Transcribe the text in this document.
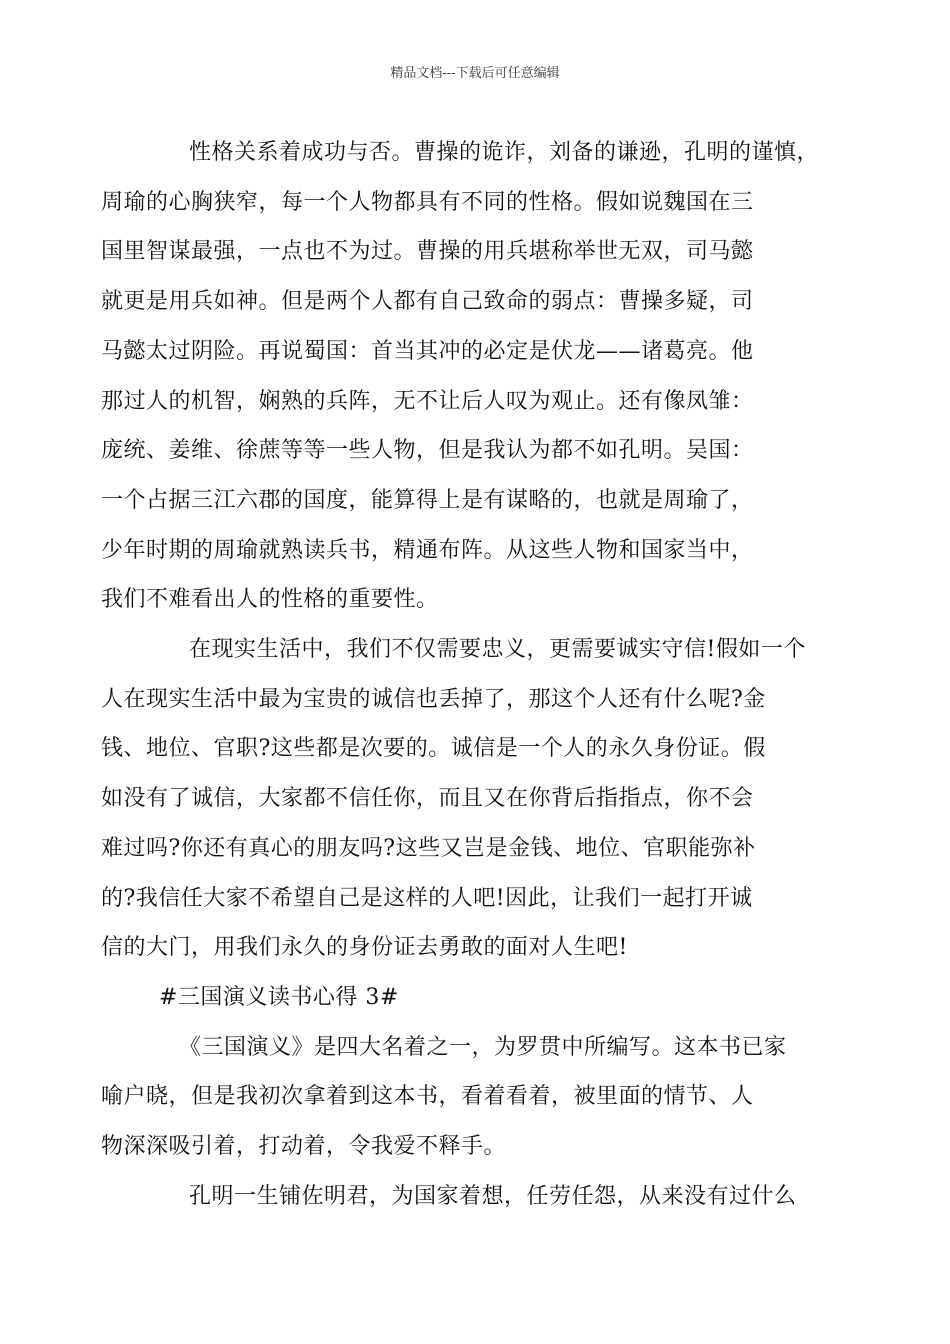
精品文档---下载后可任意编辑

性格关系着成功与否。曹操的诡诈，刘备的谦逊，孔明的谨慎，
周瑜的心胸狭窄，每一个人物都具有不同的性格。假如说魏国在三
国里智谋最强，一点也不为过。曹操的用兵堪称举世无双，司马懿
就更是用兵如神。但是两个人都有自己致命的弱点：曹操多疑，司
马懿太过阴险。再说蜀国：首当其冲的必定是伏龙——诸葛亮。他
那过人的机智，娴熟的兵阵，无不让后人叹为观止。还有像凤雏：
庞统、姜维、徐蔗等等一些人物，但是我认为都不如孔明。吴国：
一个占据三江六郡的国度，能算得上是有谋略的，也就是周瑜了，
少年时期的周瑜就熟读兵书，精通布阵。从这些人物和国家当中，
我们不难看出人的性格的重要性。

在现实生活中，我们不仅需要忠义，更需要诚实守信!假如一个
人在现实生活中最为宝贵的诚信也丢掉了，那这个人还有什么呢?金
钱、地位、官职?这些都是次要的。诚信是一个人的永久身份证。假
如没有了诚信，大家都不信任你，而且又在你背后指指点，你不会
难过吗?你还有真心的朋友吗?这些又岂是金钱、地位、官职能弥补
的?我信任大家不希望自己是这样的人吧!因此，让我们一起打开诚
信的大门，用我们永久的身份证去勇敢的面对人生吧!

#三国演义读书心得 3#

《三国演义》是四大名着之一，为罗贯中所编写。这本书已家
喻户晓，但是我初次拿着到这本书，看着看着，被里面的情节、人
物深深吸引着，打动着，令我爱不释手。

孔明一生铺佐明君，为国家着想，任劳任怨，从来没有过什么
